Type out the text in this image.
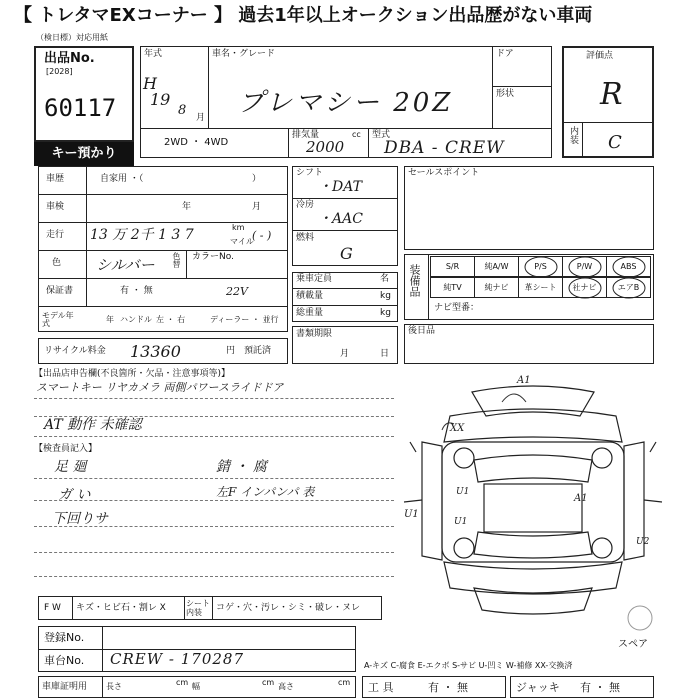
【 トレタマEXコーナー 】 過去1年以上オークション出品歴がない車両
（検日標）対応用紙
出品No.
[2028]
60117
キー預かり
年式
H
19
8 月
車名・グレード
プレマシー 20Z
ドア
形状
2WD ・ 4WD
排気量	cc
2000
型式
DBA - CREW
評価点
R
内装 C
車歴	自家用 ・（	）
車検	年	月
走行 13 万 2千 1 3 7	km
マイル
( - )
色 シルバー 色替 カラーNo.
保証書	有 ・ 無	22V
モデル年式	年 ハンドル 左 ・ 右	ディーラー ・ 並行
リサイクル料金 13360	円 預託済
シフト
・DAT
冷房
・AAC
燃料
G
乗車定員	名
積載量	kg
総重量	kg
書類期限
月	日
セールスポイント
装備品	S/R	純A/W	P/S	P/W	ABS
純TV	純ナビ	革シート	社ナビ	エアB
ナビ型番：
後日品
【出品店申告欄(不良箇所・欠品・注意事項等)】
スマートキー リヤカメラ 両側パワースライドドア
AT 動作 未確認
【検査員記入】
足 廻
ガ い
下回りサ
錆 ・ 腐
左F インパンパ 表
A1
XX
U1
U1
A1
U1
U2
スペア
F W キズ・ヒビ石・割レ X	シート内装	コゲ・穴・汚レ・シミ・破レ・ヌレ
登録No.
車台No. CREW - 170287	A-キズ C-腐食 E-エクボ S-サビ U-凹ミ W-補修 XX-交換済
車庫証明用 長さ	cm 幅	cm 高さ	cm 工 具	有 ・ 無	ジャッキ 有 ・ 無
